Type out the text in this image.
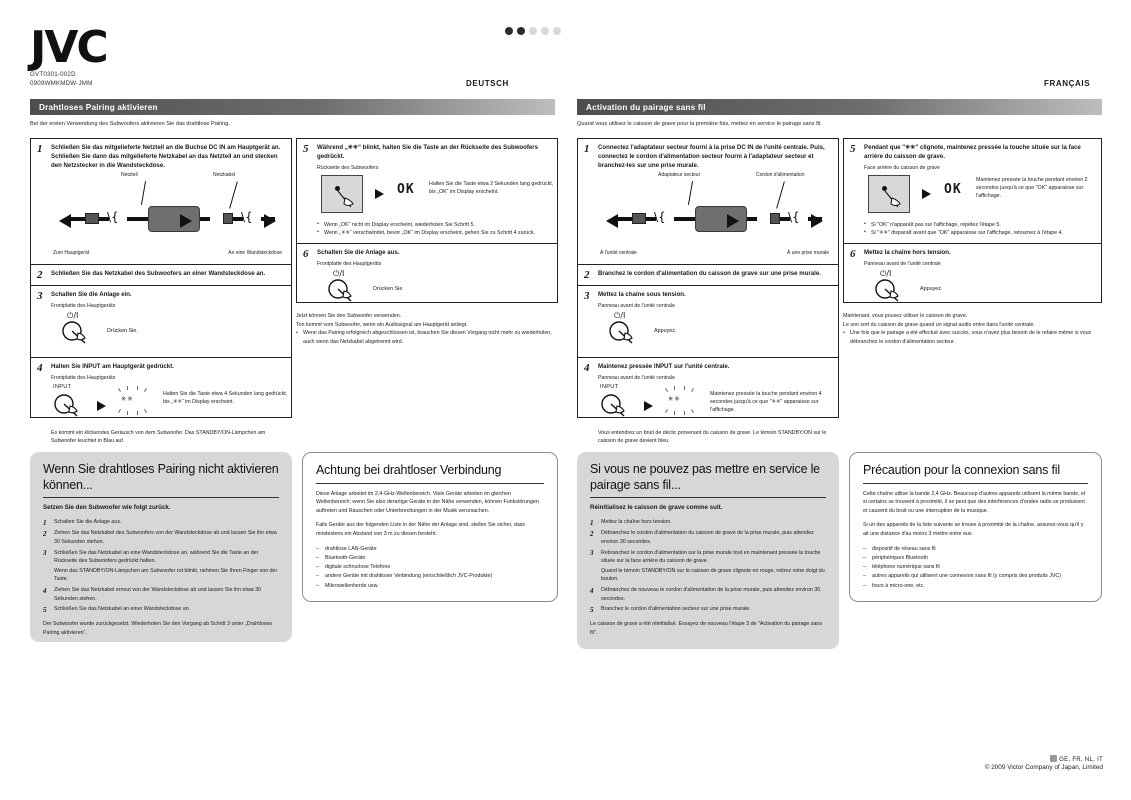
JVC
GVT0301-002D
0909WMKMDW-JMM	DEUTSCH	FRANÇAIS
Drahtloses Pairing aktivieren
Bei der ersten Verwendung des Subwoofers aktivieren Sie das drahtlose Pairing.
1 Schließen Sie das mitgelieferte Netzteil an die Buchse DC IN am Hauptgerät an. Schließen Sie dann das mitgelieferte Netzkabel an das Netzteil an und stecken den Netzstecker in die Wandsteckdose.
Netzteil	Netzkabel
\{	\{
Zum Hauptgerät	An eine Wandsteckdose
2 Schließen Sie das Netzkabel des Subwoofers an einer Wandsteckdose an.
3 Schalten Sie die Anlage ein.
Frontplatte des Hauptgeräts
⏻/I
Drücken Sie.
4 Halten Sie INPUT am Hauptgerät gedrückt.
Frontplatte des Hauptgeräts
INPUT
✳✳	Halten Sie die Taste etwa 4 Sekunden lang gedrückt, bis „✳✳“ im Display erscheint.
Es kommt ein klickendes Geräusch von dem Subwoofer. Das STANDBY/ON-Lämpchen am Subwoofer leuchtet in Blau auf.
5 Während „✳✳“ blinkt, halten Sie die Taste an der Rückseite des Subwoofers gedrückt.
Rückseite des Subwoofers
OK	Halten Sie die Taste etwa 2 Sekunden lang gedrückt, bis „OK“ im Display erscheint.
• Wenn „OK“ nicht im Display erscheint, wiederholen Sie Schritt 5.
• Wenn „✳✳“ verschwindet, bevor „OK“ im Display erscheint, gehen Sie zu Schritt 4 zurück.
6 Schalten Sie die Anlage aus.
Frontplatte des Hauptgeräts
⏻/I
Drücken Sie
Jetzt können Sie den Subwoofer verwenden.
Ton kommt vom Subwoofer, wenn ein Audiosignal am Hauptgerät anliegt.
• Wenn das Pairing erfolgreich abgeschlossen ist, brauchen Sie diesen Vorgang nicht mehr zu wiederholen, auch wenn das Netzkabel abgetrennt wird.
Wenn Sie drahtloses Pairing nicht aktivieren können...
Setzen Sie den Subwoofer wie folgt zurück.
1 Schalten Sie die Anlage aus.
2 Ziehen Sie das Netzkabel des Subwoofers von der Wandsteckdose ab und lassen Sie ihn etwa 30 Sekunden stehen.
3 Schließen Sie das Netzkabel an eine Wandsteckdose an, während Sie die Taste an der Rückseite des Subwoofers gedrückt halten.
Wenn das STANDBY/ON-Lämpchen am Subwoofer rot blinkt, nehmen Sie Ihren Finger von der Taste.
4 Ziehen Sie das Netzkabel erneut von der Wandsteckdose ab und lassen Sie ihn etwa 30 Sekunden stehen.
5 Schließen Sie das Netzkabel an einer Wandsteckdose an.

Der Subwoofer wurde zurückgesetzt. Wiederholen Sie den Vorgang ab Schritt 3 unter „Drahtloses Pairing aktivieren“.

Achtung bei drahtloser Verbindung

Diese Anlage arbeitet im 2,4-GHz-Wellenbereich. Viele Geräte arbeiten im gleichen Wellenbereich; wenn Sie also derartige Geräte in der Nähe verwenden, können Funkstörungen auftreten und Rauschen oder Unterbrechungen in der Musik verursachen.

Falls Geräte aus der folgenden Liste in der Nähe der Anlage sind, stellen Sie sicher, dass mindestens ein Abstand von 3 m zu diesen besteht.

– drahtlose LAN-Geräte
– Bluetooth-Geräte
– digitale schnurlose Telefone
– andere Geräte mit drahtloser Verbindung (einschließlich JVC-Produkte)
– Mikrowellenherde usw.
Activation du pairage sans fil
Quand vous utilisez le caisson de grave pour la première fois, mettez en service le pairage sans fil.
1 Connectez l'adaptateur secteur fourni à la prise DC IN de l'unité centrale. Puis, connectez le cordon d'alimentation secteur fourni à l'adaptateur secteur et branchez-les sur une prise murale.
Adaptateur secteur	Cordon d'alimentation
\{	\{
À l'unité centrale	À une prise murale
2 Branchez le cordon d'alimentation du caisson de grave sur une prise murale.
3 Mettez la chaîne sous tension.
Panneau avant de l'unité centrale
⏻/I
Appuyez.
4 Maintenez pressée INPUT sur l'unité centrale.
Panneau avant de l'unité centrale
INPUT
✳✳	Maintenez pressée la touche pendant environ 4 secondes jusqu'à ce que "✳✳" apparaisse sur l'affichage.
Vous entendrez un bruit de déclic provenant du caisson de grave. Le témoin STANDBY/ON sur le caisson de grave devient bleu.
5 Pendant que "✳✳" clignote, maintenez pressée la touche située sur la face arrière du caisson de grave.
Face arrière du caisson de grave
OK
Maintenez pressée la touche pendant environ 2 secondes jusqu'à ce que "OK" apparaisse sur l'affichage.
• Si "OK" n'apparaît pas sur l'affichage, répétez l'étape 5.
• Si "✳✳" disparaît avant que "OK" apparaisse sur l'affichage, retournez à l'étape 4.
6 Mettez la chaîne hors tension.
Panneau avant de l'unité centrale
⏻/I
Appuyez.
Maintenant, vous pouvez utiliser le caisson de grave.
Le son sort du caisson de grave quand un signal audio entre dans l'unité centrale.
• Une fois que le pairage a été effectué avec succès, vous n'avez plus besoin de le refaire même si vous débranchez le cordon d'alimentation secteur.
Si vous ne pouvez pas mettre en service le pairage sans fil...
Réinitialisez le caisson de grave comme suit.
1 Mettez la chaîne hors tension.
2 Débranchez le cordon d'alimentation du caisson de grave de la prise murale, puis attendez environ 30 secondes.
3 Rebranchez le cordon d'alimentation sur la prise murale tout en maintenant pressée la touche située sur la face arrière du caisson de grave.
Quand le témoin STANDBY/ON sur le caisson de grave clignote en rouge, retirez votre doigt du bouton.
4 Débranchez de nouveau le cordon d'alimentation de la prise murale, puis attendez environ 30 secondes.
5 Branchez le cordon d'alimentation secteur sur une prise murale.

Le caisson de grave a été réinitialisé. Essayez de nouveau l'étape 3 de "Activation du pairage sans fil".

Précaution pour la connexion sans fil

Cette chaîne utilise la bande 2,4 GHz. Beaucoup d'autres appareils utilisent la même bande, et si certains se trouvent à proximité, il se peut que des interférences d'ondes radio se produisent et causent du bruit ou une interruption de la musique.

Si un des appareils de la liste suivante se trouve à proximité de la chaîne, assurez-vous qu'il y ait une distance d'au moins 3 mettre entre eux.

– dispositif de réseau sans fil
– périphériques Bluetooth
– téléphone numérique sans fil
– autres appareils qui utilisent une connexion sans fil (y compris des produits JVC)
– fours à micro-one, etc.
GE, FR, NL, IT
© 2009 Victor Company of Japan, Limited
